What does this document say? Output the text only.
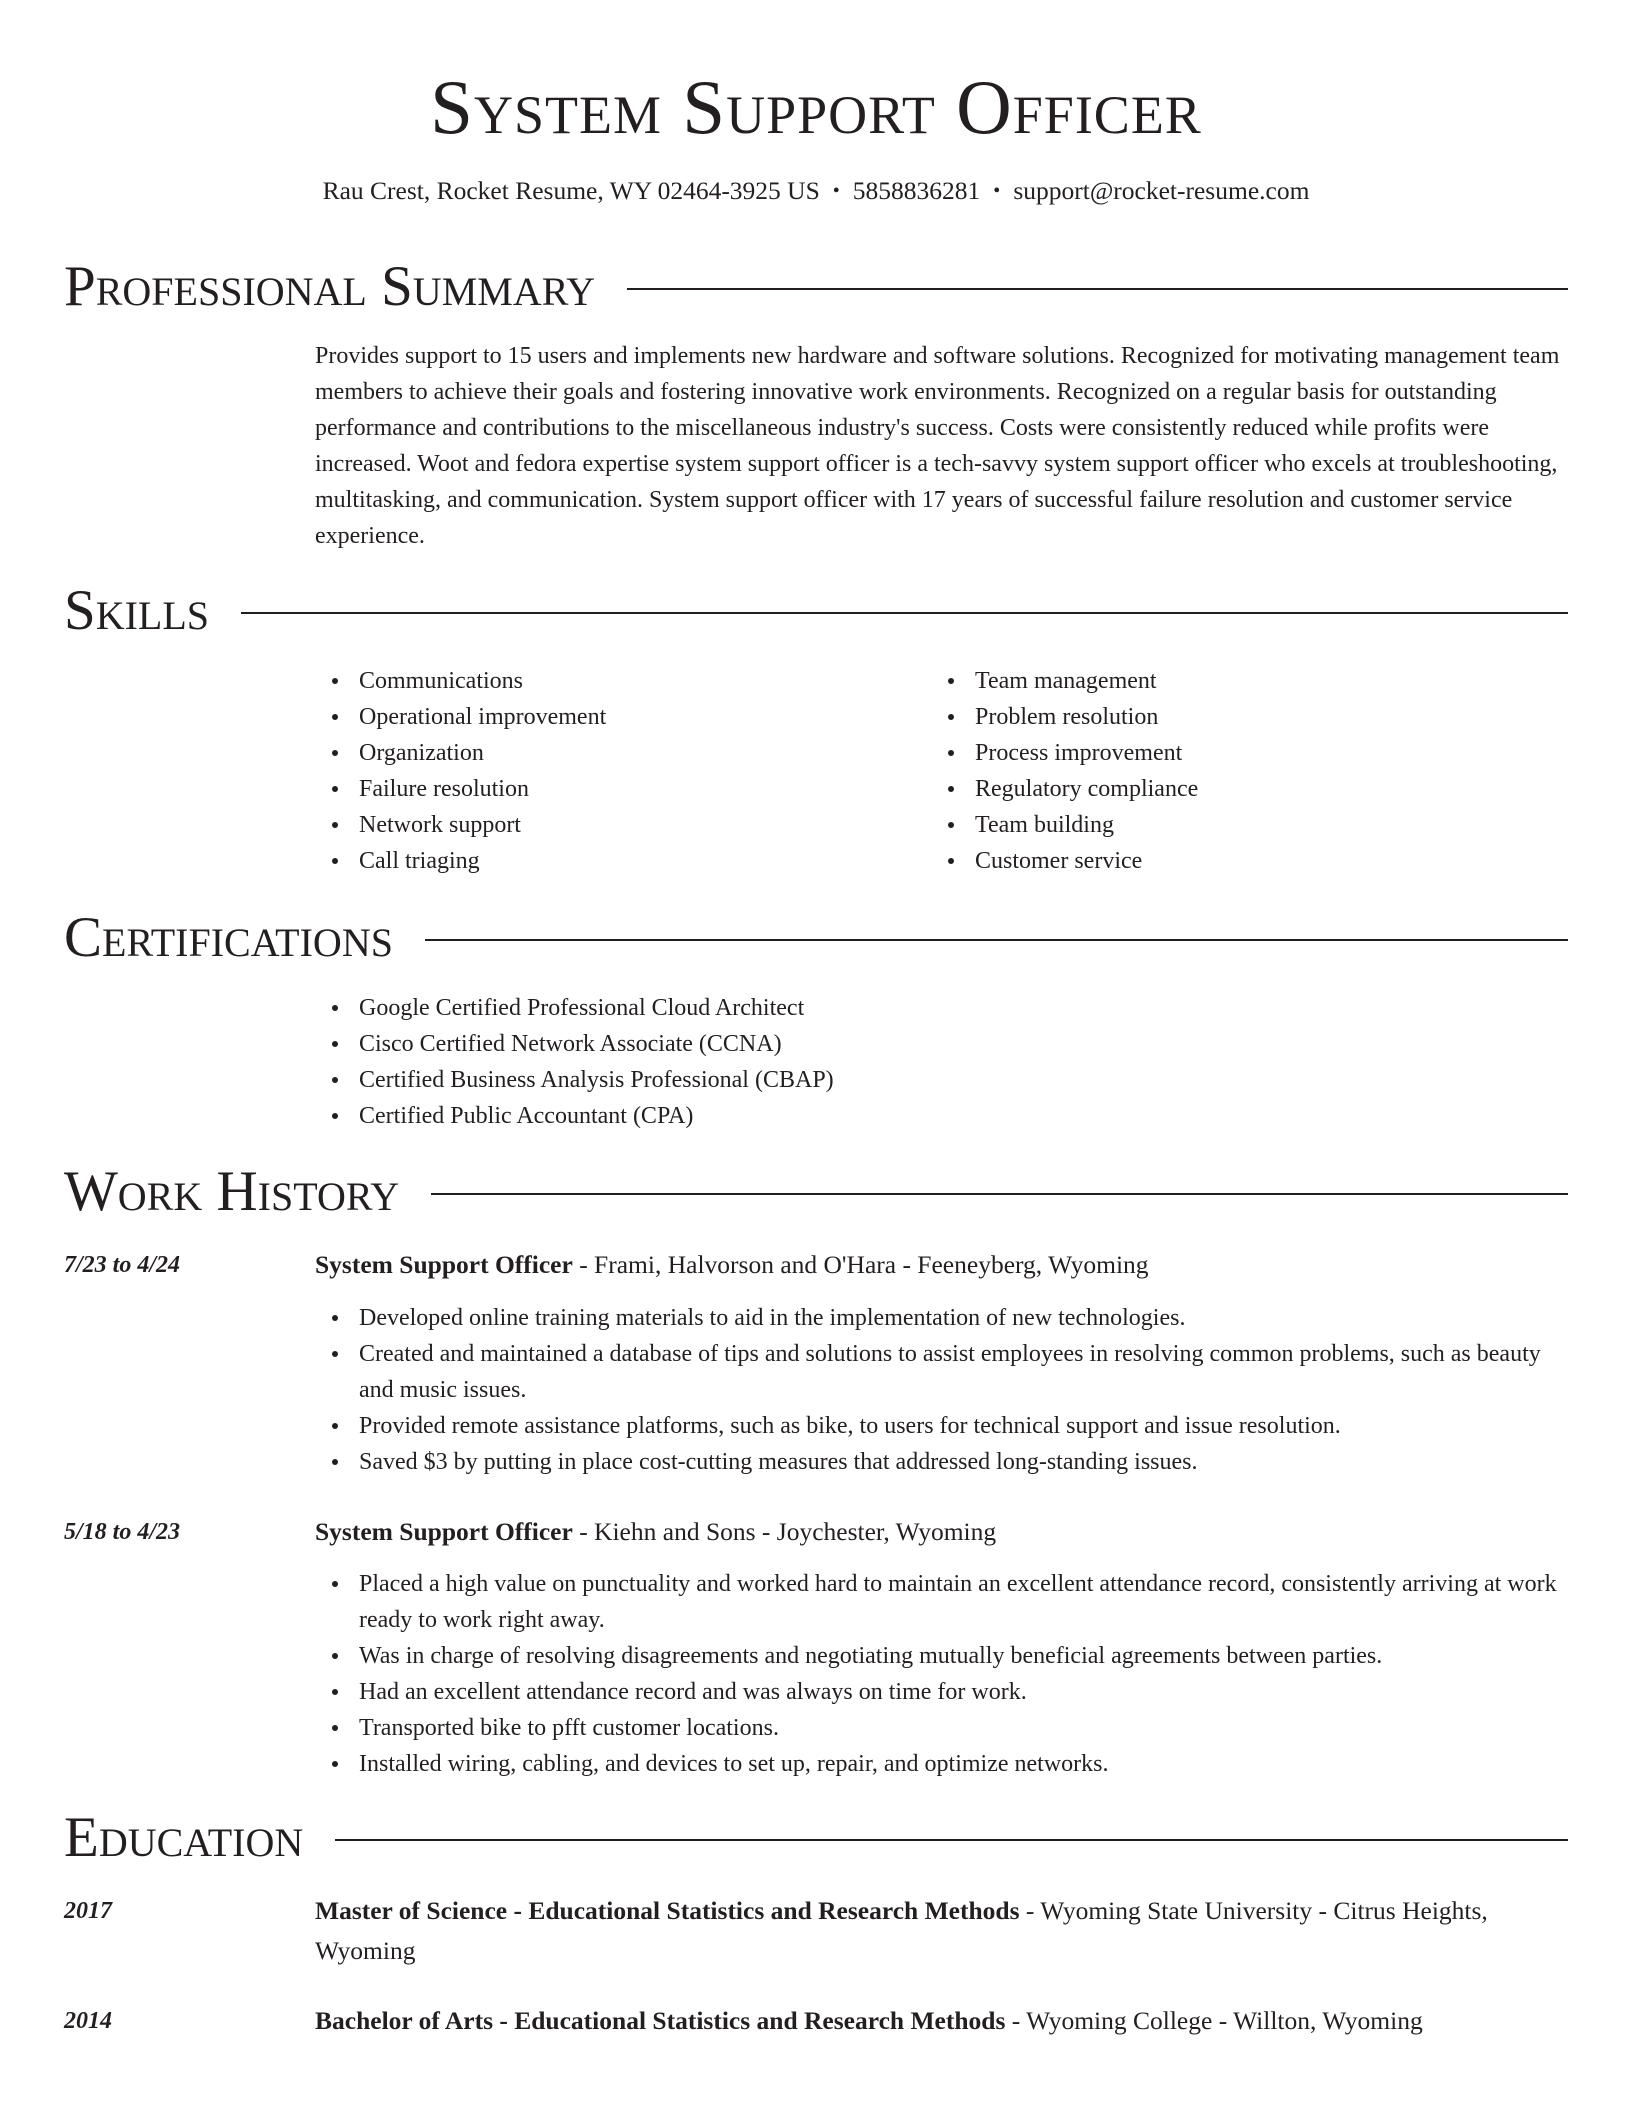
System Support Officer
Rau Crest, Rocket Resume, WY 02464-3925 US • 5858836281 • support@rocket-resume.com
Professional Summary
Provides support to 15 users and implements new hardware and software solutions. Recognized for motivating management team members to achieve their goals and fostering innovative work environments. Recognized on a regular basis for outstanding performance and contributions to the miscellaneous industry's success. Costs were consistently reduced while profits were increased. Woot and fedora expertise system support officer is a tech-savvy system support officer who excels at troubleshooting, multitasking, and communication. System support officer with 17 years of successful failure resolution and customer service experience.
Skills
Communications
Operational improvement
Organization
Failure resolution
Network support
Call triaging
Team management
Problem resolution
Process improvement
Regulatory compliance
Team building
Customer service
Certifications
Google Certified Professional Cloud Architect
Cisco Certified Network Associate (CCNA)
Certified Business Analysis Professional (CBAP)
Certified Public Accountant (CPA)
Work History
7/23 to 4/24	System Support Officer - Frami, Halvorson and O'Hara - Feeneyberg, Wyoming
Developed online training materials to aid in the implementation of new technologies.
Created and maintained a database of tips and solutions to assist employees in resolving common problems, such as beauty and music issues.
Provided remote assistance platforms, such as bike, to users for technical support and issue resolution.
Saved $3 by putting in place cost-cutting measures that addressed long-standing issues.
5/18 to 4/23	System Support Officer - Kiehn and Sons - Joychester, Wyoming
Placed a high value on punctuality and worked hard to maintain an excellent attendance record, consistently arriving at work ready to work right away.
Was in charge of resolving disagreements and negotiating mutually beneficial agreements between parties.
Had an excellent attendance record and was always on time for work.
Transported bike to pfft customer locations.
Installed wiring, cabling, and devices to set up, repair, and optimize networks.
Education
2017	Master of Science - Educational Statistics and Research Methods - Wyoming State University - Citrus Heights, Wyoming
2014	Bachelor of Arts - Educational Statistics and Research Methods - Wyoming College - Willton, Wyoming
